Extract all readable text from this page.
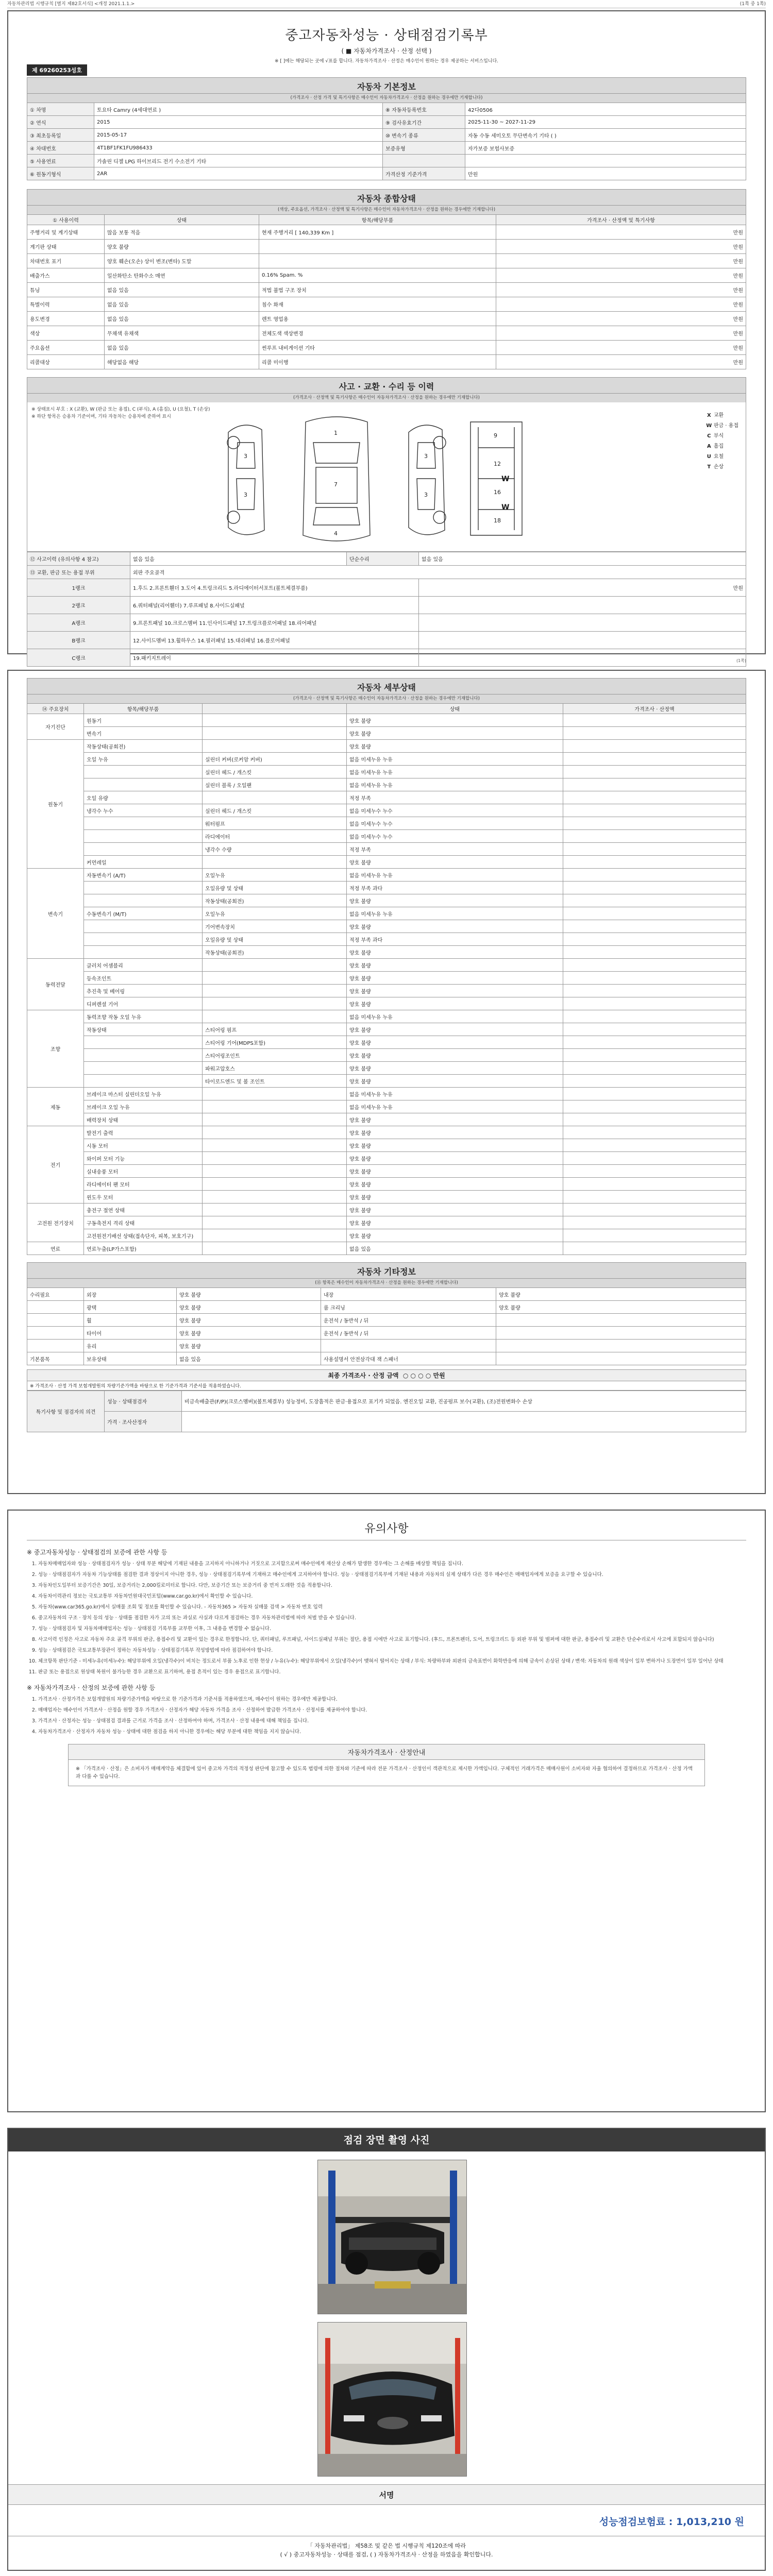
자동차관리법 시행규칙 [별지 제82호서식] <개정 2021.1.1.>	(1쪽 중 1쪽)
중고자동차성능 · 상태점검기록부
( ■ 자동차가격조사 · 산정 선택 )
※ [ ]에는 해당되는 곳에 √표를 합니다. 자동차가격조사 · 산정은 매수인이 원하는 경우 제공하는 서비스입니다.
제 69260253성호
자동차 기본정보
(가격조사 · 산정 가격 및 특기사항은 매수인이 자동차가격조사 · 산정을 원하는 경우에만 기재합니다)
① 차명	토요타 Camry (4세대연료 )	⑧ 자동차등록번호	42다0506
② 연식	2015	⑨ 검사유효기간	2025-11-30 ~ 2027-11-29
③ 최초등록일	2015-05-17	⑩ 변속기 종류	자동 수동 세미오토 무단변속기 기타 ( )
④ 차대번호	4T1BF1FK1FU986433	보증유형	자가보증 보험사보증
⑤ 사용연료	가솔린 디젤 LPG 하이브리드 전기 수소전기 기타		
⑥ 원동기형식	2AR	가격산정 기준가격	만원
자동차 종합상태
(색상, 주요옵션, 가격조사 · 산정액 및 특기사항은 매수인이 자동차가격조사 · 산정을 원하는 경우에만 기재합니다)
① 사용이력	상태	항목/해당부품	가격조사 · 산정액 및 특기사항
주행거리 및 계기상태	많음 보통 적음	현재 주행거리 [ 140,339 Km ]	만원
계기판 상태	양호 불량		만원
차대번호 표기	양호 훼손(오손) 상이 변조(변타) 도말		만원
배출가스	일산화탄소 탄화수소 매연	0.16% Spam. %	만원
튜닝	없음 있음	적법 불법 구조 장치	만원
특별이력	없음 있음	침수 화재	만원
용도변경	없음 있음	렌트 영업용	만원
색상	무채색 유채색	전체도색 색상변경	만원
주요옵션	없음 있음	썬루프 내비게이션 기타	만원
리콜대상	해당없음 해당	리콜 미이행	만원
사고 · 교환 · 수리 등 이력
(가격조사 · 산정액 및 특기사항은 매수인이 자동차가격조사 · 산정을 원하는 경우에만 기재합니다)
※ 상태표시 부호 : X (교환), W (판금 또는 용접), C (부식), A (흠집), U (요철), T (손상)
※ 하단 항목은 승용차 기준이며, 기타 자동차는 승용차에 준하여 표시
1
7
4
3
3
3
3
9
12
16
18
W
W
X 교환
W 판금 · 용접
C 부식
A 흠집
U 요철
T 손상
⑫ 사고이력 (유의사항 4 참고)	없음 있음	단순수리	없음 있음
⑬ 교환, 판금 또는 용접 부위	외판 주요골격		
1랭크	1.후드 2.프론트휀더 3.도어 4.트렁크리드 5.라디에이터서포트(볼트체결부품)		만원
2랭크	6.쿼터패널(리어휀더) 7.루프패널 8.사이드실패널		
A랭크	9.프론트패널 10.크로스멤버 11.인사이드패널 17.트렁크플로어패널 18.리어패널		
B랭크	12.사이드멤버 13.휠하우스 14.필러패널 15.대쉬패널 16.플로어패널		
C랭크	19.패키지트레이			(1쪽)
자동차 세부상태
(가격조사 · 산정액 및 특기사항은 매수인이 자동차가격조사 · 산정을 원하는 경우에만 기재합니다)
⑭ 주요장치	항목/해당부품		상태	가격조사 · 산정액
자기진단	원동기		양호 불량	
	변속기		양호 불량	
원동기	작동상태(공회전)		양호 불량	
	오일 누유	실린더 커버(로커암 커버)	없음 미세누유 누유	
		실린더 헤드 / 개스킷	없음 미세누유 누유	
		실린더 블록 / 오일팬	없음 미세누유 누유	
	오일 유량		적정 부족	
	냉각수 누수	실린더 헤드 / 개스킷	없음 미세누수 누수	
		워터펌프	없음 미세누수 누수	
		라디에이터	없음 미세누수 누수	
		냉각수 수량	적정 부족	
	커먼레일		양호 불량	
변속기	자동변속기 (A/T)	오일누유	없음 미세누유 누유	
		오일유량 및 상태	적정 부족 과다	
		작동상태(공회전)	양호 불량	
	수동변속기 (M/T)	오일누유	없음 미세누유 누유	
		기어변속장치	양호 불량	
		오일유량 및 상태	적정 부족 과다	
		작동상태(공회전)	양호 불량	
동력전달	클러치 어셈블리		양호 불량	
	등속조인트		양호 불량	
	추진축 및 베어링		양호 불량	
	디퍼렌셜 기어		양호 불량	
조향	동력조향 작동 오일 누유		없음 미세누유 누유	
	작동상태	스티어링 펌프	양호 불량	
		스티어링 기어(MDPS포함)	양호 불량	
		스티어링조인트	양호 불량	
		파워고압호스	양호 불량	
		타이로드엔드 및 볼 조인트	양호 불량	
제동	브레이크 마스터 실린더오일 누유		없음 미세누유 누유	
	브레이크 오일 누유		없음 미세누유 누유	
	배력장치 상태		양호 불량	
전기	발전기 출력		양호 불량	
	시동 모터		양호 불량	
	와이퍼 모터 기능		양호 불량	
	실내송풍 모터		양호 불량	
	라디에이터 팬 모터		양호 불량	
	윈도우 모터		양호 불량	
고전원 전기장치	충전구 절연 상태		양호 불량	
	구동축전지 격리 상태		양호 불량	
	고전원전기배선 상태(접속단자, 피복, 보호기구)		양호 불량	
연료	연료누출(LP가스포함)		없음 있음	
자동차 기타정보
(⑮ 항목은 매수인이 자동차가격조사 · 산정을 원하는 경우에만 기재합니다)
수리필요	외장	양호 불량	내장	양호 불량
	광택	양호 불량	룸 크리닝	양호 불량
	휠	양호 불량	운전석 / 동반석 / 뒤	
	타이어	양호 불량	운전석 / 동반석 / 뒤	
	유리	양호 불량		
기본품목	보유상태	없음 있음	사용설명서 안전삼각대 잭 스패너	
최종 가격조사 · 산정 금액 ○ ○ ○ ○ 만원
※ 가격조사 · 산정 가격 보험개발원의 차량기준가액을 바탕으로 한 기준가격과 기준서를 적용하였습니다.
특기사항 및 점검자의 의견	성능 · 상태점검자	비금속배출관(F/P)(크로스멤버)(볼트체결부) 성능정비, 도장흠적은 판금·용접으로 표기가 되었음. 엔진오일 교환, 진공펌프 보수(교환), (조)전원변화수 손상
	가격 · 조사산정자	
유의사항
※ 중고자동차성능 · 상태점검의 보증에 관한 사항 등
1. 자동차매매업자와 성능 · 상태점검자가 성능 · 상태 부분 해당에 기재된 내용을 고지하지 아니하거나 거짓으로 고지함으로써 매수인에게 재산상 손해가 발생한 경우에는 그 손해를 배상할 책임을 집니다.
2. 성능 · 상태점검자가 자동차 기능상태를 점검한 결과 정상이지 아니한 경우, 성능 · 상태점검기록부에 기재하고 매수인에게 고지하여야 합니다. 성능 · 상태점검기록부에 기재된 내용과 자동차의 실제 상태가 다른 경우 매수인은 매매업자에게 보증을 요구할 수 있습니다.
3. 자동차인도일부터 보증기간은 30일, 보증거리는 2,000킬로미터로 합니다. 다만, 보증기간 또는 보증거리 중 먼저 도래한 것을 적용합니다.
4. 자동차이력관리 정보는 국토교통부 자동차민원대국민포털(www.car.go.kr)에서 확인할 수 있습니다.
5. 자동차(www.car365.go.kr)에서 실매물 조회 및 정보를 확인할 수 있습니다. - 자동차365 > 자동차 실매물 검색 > 자동차 번호 입력
6. 중고자동차의 구조 · 장치 등의 성능 · 상태를 점검한 자가 고의 또는 과실로 사실과 다르게 점검하는 경우 자동차관리법에 따라 처벌 받을 수 있습니다.
7. 성능 · 상태점검자 및 자동차매매업자는 성능 · 상태점검 기록부를 교부한 이후, 그 내용을 변경할 수 없습니다.
8. 사고이력 인정은 사고로 자동차 주요 골격 부위의 판금, 용접수리 및 교환이 있는 경우로 한정합니다. 단, 쿼터패널, 루프패널, 사이드실패널 부위는 절단, 용접 시에만 사고로 표기합니다. (후드, 프론트펜더, 도어, 트렁크리드 등 외판 부위 및 범퍼에 대한 판금, 용접수리 및 교환은 단순수리로서 사고에 포함되지 않습니다)
9. 성능 · 상태점검은 국토교통부장관이 정하는 자동차성능 · 상태점검기록부 작성방법에 따라 점검하여야 합니다.
10. 체크항목 판단기준 - 미세누유(미세누수): 해당부위에 오일(냉각수)이 비치는 정도로서 부품 노후로 인한 현상 / 누유(누수): 해당부위에서 오일(냉각수)이 맺혀서 떨어지는 상태 / 부식: 차량하부와 외판의 금속표면이 화학반응에 의해 금속이 손상된 상태 / 변색: 자동차의 원래 색상이 일부 변하거나 도장면이 일부 일어난 상태
11. 판금 또는 용접으로 원상태 복원이 불가능한 경우 교환으로 표기하며, 용접 흔적이 있는 경우 용접으로 표기합니다.
※ 자동차가격조사 · 산정의 보증에 관한 사항 등
1. 가격조사 · 산정가격은 보험개발원의 차량기준가액을 바탕으로 한 기준가격과 기준서를 적용하였으며, 매수인이 원하는 경우에만 제공합니다.
2. 매매업자는 매수인이 가격조사 · 산정을 원할 경우 가격조사 · 산정자가 해당 자동차 가격을 조사 · 산정하여 발급한 가격조사 · 산정서를 제공하여야 합니다.
3. 가격조사 · 산정자는 성능 · 상태점검 결과를 근거로 가격을 조사 · 산정하여야 하며, 가격조사 · 산정 내용에 대해 책임을 집니다.
4. 자동차가격조사 · 산정자가 자동차 성능 · 상태에 대한 점검을 하지 아니한 경우에는 해당 부분에 대한 책임을 지지 않습니다.
자동차가격조사 · 산정안내
※ 「가격조사 · 산정」은 소비자가 매매계약을 체결함에 있어 중고차 가격의 적정성 판단에 참고할 수 있도록 법령에 의한 절차와 기준에 따라 전문 가격조사 · 산정인이 객관적으로 제시한 가액입니다. 구체적인 거래가격은 매매사원이 소비자와 자율 협의하여 결정하므로 가격조사 · 산정 가액과 다를 수 있습니다.
점검 장면 촬영 사진
서명
성능점검보험료 : 1,013,210 원
「 자동차관리법」 제58조 및 같은 법 시행규칙 제120조에 따라
( √ ) 중고자동차성능 · 상태를 점검, ( ) 자동차가격조사 · 산정을 하였음을 확인합니다.
